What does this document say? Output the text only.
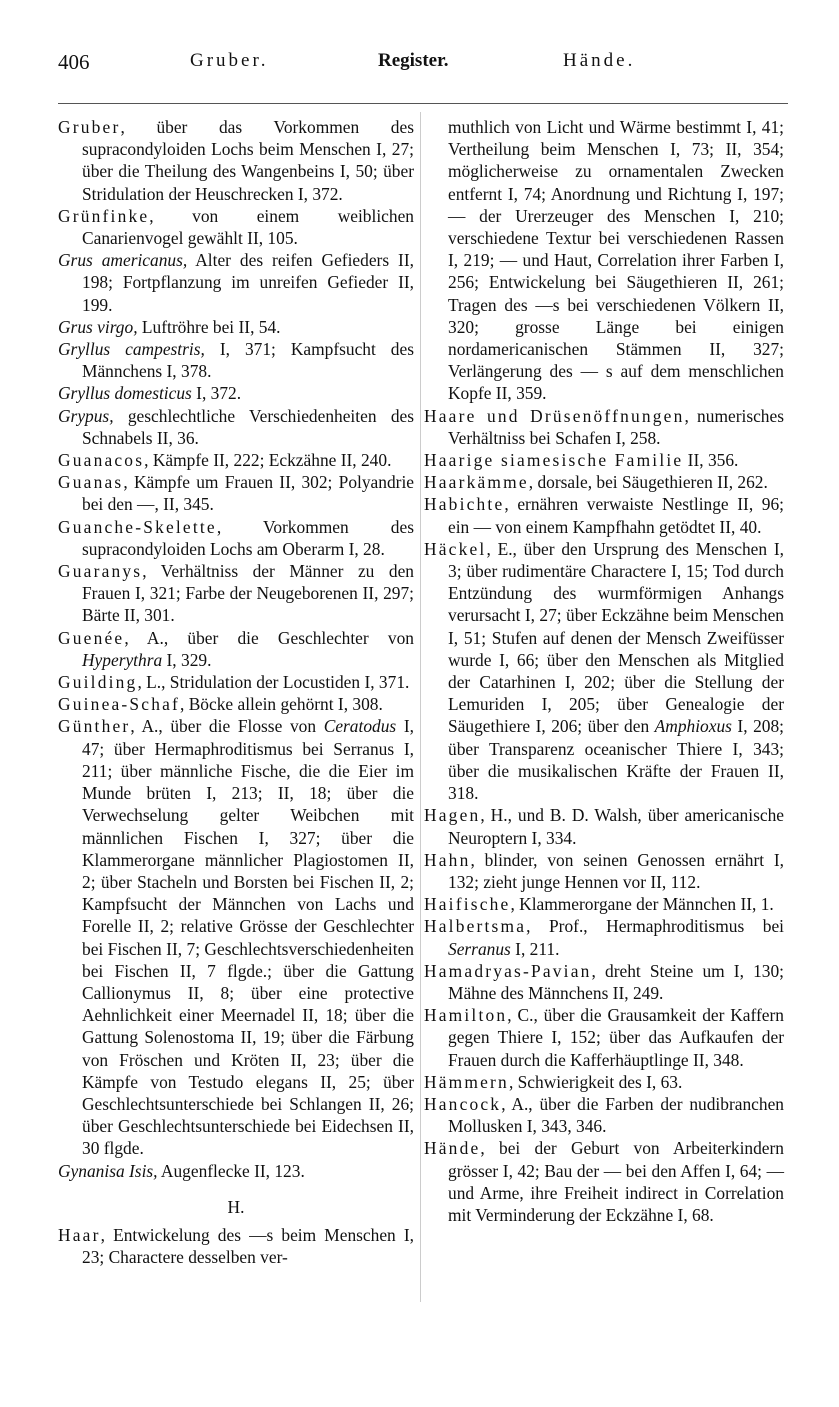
406	Gruber.	Register.	Hände.

Gruber, über das Vorkommen des supracondyloiden Lochs beim Menschen I, 27; über die Theilung des Wangenbeins I, 50; über Stridulation der Heuschrecken I, 372.

Grünfinke, von einem weiblichen Canarienvogel gewählt II, 105.

Grus americanus, Alter des reifen Gefieders II, 198; Fortpflanzung im unreifen Gefieder II, 199.

Grus virgo, Luftröhre bei II, 54.

Gryllus campestris, I, 371; Kampfsucht des Männchens I, 378.

Gryllus domesticus I, 372.

Grypus, geschlechtliche Verschiedenheiten des Schnabels II, 36.

Guanacos, Kämpfe II, 222; Eckzähne II, 240.

Guanas, Kämpfe um Frauen II, 302; Polyandrie bei den —, II, 345.

Guanche-Skelette, Vorkommen des supracondyloiden Lochs am Oberarm I, 28.

Guaranys, Verhältniss der Männer zu den Frauen I, 321; Farbe der Neugeborenen II, 297; Bärte II, 301.

Guenée, A., über die Geschlechter von Hyperythra I, 329.

Guilding, L., Stridulation der Locustiden I, 371.

Guinea-Schaf, Böcke allein gehörnt I, 308.

Günther, A., über die Flosse von Ceratodus I, 47; über Hermaphroditismus bei Serranus I, 211; über männliche Fische, die die Eier im Munde brüten I, 213; II, 18; über die Verwechselung gelter Weibchen mit männlichen Fischen I, 327; über die Klammerorgane männlicher Plagiostomen II, 2; über Stacheln und Borsten bei Fischen II, 2; Kampfsucht der Männchen von Lachs und Forelle II, 2; relative Grösse der Geschlechter bei Fischen II, 7; Geschlechtsverschiedenheiten bei Fischen II, 7 flgde.; über die Gattung Callionymus II, 8; über eine protective Aehnlichkeit einer Meernadel II, 18; über die Gattung Solenostoma II, 19; über die Färbung von Fröschen und Kröten II, 23; über die Kämpfe von Testudo elegans II, 25; über Geschlechtsunterschiede bei Schlangen II, 26; über Geschlechtsunterschiede bei Eidechsen II, 30 flgde.

Gynanisa Isis, Augenflecke II, 123.

H.

Haar, Entwickelung des —s beim Menschen I, 23; Charactere desselben ver-

muthlich von Licht und Wärme bestimmt I, 41; Vertheilung beim Menschen I, 73; II, 354; möglicherweise zu ornamentalen Zwecken entfernt I, 74; Anordnung und Richtung I, 197; — der Urerzeuger des Menschen I, 210; verschiedene Textur bei verschiedenen Rassen I, 219; — und Haut, Correlation ihrer Farben I, 256; Entwickelung bei Säugethieren II, 261; Tragen des —s bei verschiedenen Völkern II, 320; grosse Länge bei einigen nordamericanischen Stämmen II, 327; Verlängerung des — s auf dem menschlichen Kopfe II, 359.

Haare und Drüsenöffnungen, numerisches Verhältniss bei Schafen I, 258.

Haarige siamesische Familie II, 356.

Haarkämme, dorsale, bei Säugethieren II, 262.

Habichte, ernähren verwaiste Nestlinge II, 96; ein — von einem Kampfhahn getödtet II, 40.

Häckel, E., über den Ursprung des Menschen I, 3; über rudimentäre Charactere I, 15; Tod durch Entzündung des wurmförmigen Anhangs verursacht I, 27; über Eckzähne beim Menschen I, 51; Stufen auf denen der Mensch Zweifüsser wurde I, 66; über den Menschen als Mitglied der Catarhinen I, 202; über die Stellung der Lemuriden I, 205; über Genealogie der Säugethiere I, 206; über den Amphioxus I, 208; über Transparenz oceanischer Thiere I, 343; über die musikalischen Kräfte der Frauen II, 318.

Hagen, H., und B. D. Walsh, über americanische Neuroptern I, 334.

Hahn, blinder, von seinen Genossen ernährt I, 132; zieht junge Hennen vor II, 112.

Haifische, Klammerorgane der Männchen II, 1.

Halbertsma, Prof., Hermaphroditismus bei Serranus I, 211.

Hamadryas-Pavian, dreht Steine um I, 130; Mähne des Männchens II, 249.

Hamilton, C., über die Grausamkeit der Kaffern gegen Thiere I, 152; über das Aufkaufen der Frauen durch die Kafferhäuptlinge II, 348.

Hämmern, Schwierigkeit des I, 63.

Hancock, A., über die Farben der nudibranchen Mollusken I, 343, 346.

Hände, bei der Geburt von Arbeiterkindern grösser I, 42; Bau der — bei den Affen I, 64; — und Arme, ihre Freiheit indirect in Correlation mit Verminderung der Eckzähne I, 68.
